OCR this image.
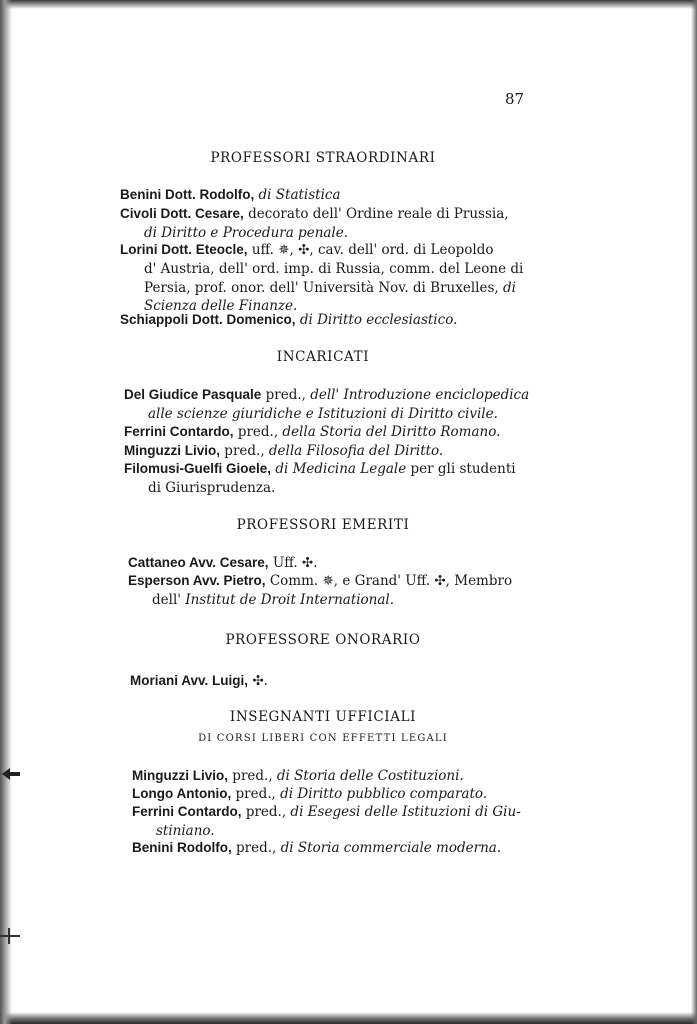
87
PROFESSORI STRAORDINARI
Benini Dott. Rodolfo, di Statistica
Civoli Dott. Cesare, decorato dell' Ordine reale di Prussia,
di Diritto e Procedura penale.
Lorini Dott. Eteocle, uff. ✵, ✣, cav. dell' ord. di Leopoldo
d' Austria, dell' ord. imp. di Russia, comm. del Leone di
Persia, prof. onor. dell' Università Nov. di Bruxelles, di
Scienza delle Finanze.
Schiappoli Dott. Domenico, di Diritto ecclesiastico.
INCARICATI
Del Giudice Pasquale pred., dell' Introduzione enciclopedica
alle scienze giuridiche e Istituzioni di Diritto civile.
Ferrini Contardo, pred., della Storia del Diritto Romano.
Minguzzi Livio, pred., della Filosofia del Diritto.
Filomusi-Guelfi Gioele, di Medicina Legale per gli studenti
di Giurisprudenza.
PROFESSORI EMERITI
Cattaneo Avv. Cesare, Uff. ✣.
Esperson Avv. Pietro, Comm. ✵, e Grand' Uff. ✣, Membro
dell' Institut de Droit International.
PROFESSORE ONORARIO
Moriani Avv. Luigi, ✣.
INSEGNANTI UFFICIALI
DI CORSI LIBERI CON EFFETTI LEGALI
Minguzzi Livio, pred., di Storia delle Costituzioni.
Longo Antonio, pred., di Diritto pubblico comparato.
Ferrini Contardo, pred., di Esegesi delle Istituzioni di Giu-
stiniano.
Benini Rodolfo, pred., di Storia commerciale moderna.
